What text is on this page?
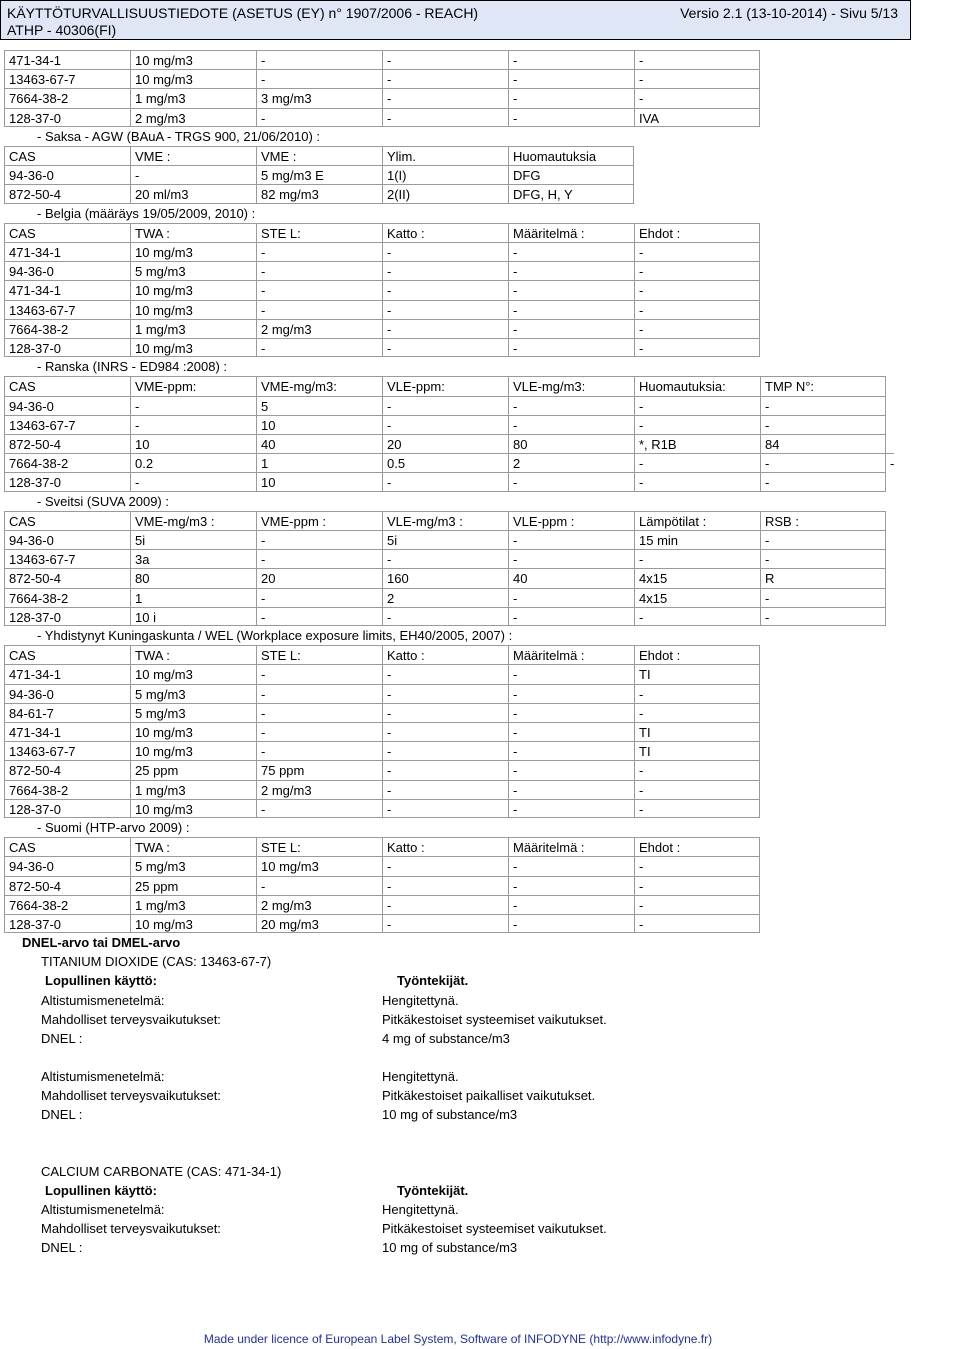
KÄYTTÖTURVALLISUUSTIEDOTE (ASETUS (EY) n° 1907/2006 - REACH)	Versio 2.1 (13-10-2014) - Sivu 5/13
ATHP - 40306(FI)
471-34-1	10 mg/m3	-	-	-	-
13463-67-7	10 mg/m3	-	-	-	-
7664-38-2	1 mg/m3	3 mg/m3	-	-	-
128-37-0	2 mg/m3	-	-	-	IVA
- Saksa - AGW (BAuA - TRGS 900, 21/06/2010) :
CAS	VME :	VME :	Ylim.	Huomautuksia
94-36-0	-	5 mg/m3 E	1(I)	DFG
872-50-4	20 ml/m3	82 mg/m3	2(II)	DFG, H, Y
- Belgia (määräys 19/05/2009, 2010) :
CAS	TWA :	STE L:	Katto :	Määritelmä :	Ehdot :
471-34-1	10 mg/m3	-	-	-	-
94-36-0	5 mg/m3	-	-	-	-
471-34-1	10 mg/m3	-	-	-	-
13463-67-7	10 mg/m3	-	-	-	-
7664-38-2	1 mg/m3	2 mg/m3	-	-	-
128-37-0	10 mg/m3	-	-	-	-
- Ranska (INRS - ED984 :2008) :
CAS	VME-ppm:	VME-mg/m3:	VLE-ppm:	VLE-mg/m3:	Huomautuksia:	TMP N°:
94-36-0	-	5	-	-	-	-
13463-67-7	-	10	-	-	-	-
872-50-4	10	40	20	80	*, R1B	84
7664-38-2	0.2	1	0.5	2	-	-	-
128-37-0	-	10	-	-	-	-
- Sveitsi (SUVA 2009) :
CAS	VME-mg/m3 :	VME-ppm :	VLE-mg/m3 :	VLE-ppm :	Lämpötilat :	RSB :
94-36-0	5i	-	5i	-	15 min	-
13463-67-7	3a	-	-	-	-	-
872-50-4	80	20	160	40	4x15	R
7664-38-2	1	-	2	-	4x15	-
128-37-0	10 i	-	-	-	-	-
- Yhdistynyt Kuningaskunta / WEL (Workplace exposure limits, EH40/2005, 2007) :
CAS	TWA :	STE L:	Katto :	Määritelmä :	Ehdot :
471-34-1	10 mg/m3	-	-	-	TI
94-36-0	5 mg/m3	-	-	-	-
84-61-7	5 mg/m3	-	-	-	-
471-34-1	10 mg/m3	-	-	-	TI
13463-67-7	10 mg/m3	-	-	-	TI
872-50-4	25 ppm	75 ppm	-	-	-
7664-38-2	1 mg/m3	2 mg/m3	-	-	-
128-37-0	10 mg/m3	-	-	-	-
- Suomi (HTP-arvo 2009) :
CAS	TWA :	STE L:	Katto :	Määritelmä :	Ehdot :
94-36-0	5 mg/m3	10 mg/m3	-	-	-
872-50-4	25 ppm	-	-	-	-
7664-38-2	1 mg/m3	2 mg/m3	-	-	-
128-37-0	10 mg/m3	20 mg/m3	-	-	-
DNEL-arvo tai DMEL-arvo
TITANIUM DIOXIDE (CAS: 13463-67-7)
Lopullinen käyttö:	Työntekijät.
Altistumismenetelmä:	Hengitettynä.
Mahdolliset terveysvaikutukset:	Pitkäkestoiset systeemiset vaikutukset.
DNEL :	4 mg of substance/m3
Altistumismenetelmä:	Hengitettynä.
Mahdolliset terveysvaikutukset:	Pitkäkestoiset paikalliset vaikutukset.
DNEL :	10 mg of substance/m3
CALCIUM CARBONATE (CAS: 471-34-1)
Lopullinen käyttö:	Työntekijät.
Altistumismenetelmä:	Hengitettynä.
Mahdolliset terveysvaikutukset:	Pitkäkestoiset systeemiset vaikutukset.
DNEL :	10 mg of substance/m3
Made under licence of European Label System, Software of INFODYNE (http://www.infodyne.fr)
